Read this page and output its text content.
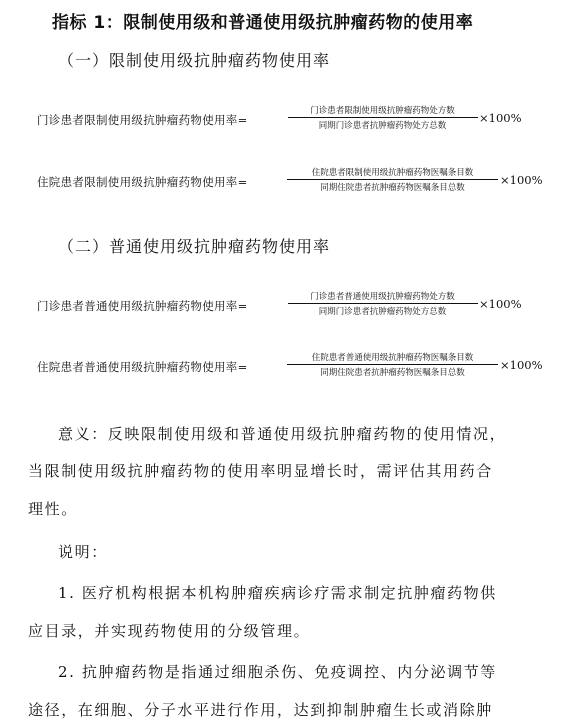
指标 1：限制使用级和普通使用级抗肿瘤药物的使用率
（一）限制使用级抗肿瘤药物使用率
门诊患者限制使用级抗肿瘤药物使用率=
门诊患者限制使用级抗肿瘤药物处方数
同期门诊患者抗肿瘤药物处方总数
×100%
住院患者限制使用级抗肿瘤药物使用率=
住院患者限制使用级抗肿瘤药物医嘱条目数
同期住院患者抗肿瘤药物医嘱条目总数
×100%
（二）普通使用级抗肿瘤药物使用率
门诊患者普通使用级抗肿瘤药物使用率=
门诊患者普通使用级抗肿瘤药物处方数
同期门诊患者抗肿瘤药物处方总数
×100%
住院患者普通使用级抗肿瘤药物使用率=
住院患者普通使用级抗肿瘤药物医嘱条目数
同期住院患者抗肿瘤药物医嘱条目总数
×100%
意义：反映限制使用级和普通使用级抗肿瘤药物的使用情况，
当限制使用级抗肿瘤药物的使用率明显增长时，需评估其用药合
理性。
说明：
1. 医疗机构根据本机构肿瘤疾病诊疗需求制定抗肿瘤药物供
应目录，并实现药物使用的分级管理。
2. 抗肿瘤药物是指通过细胞杀伤、免疫调控、内分泌调节等
途径，在细胞、分子水平进行作用，达到抑制肿瘤生长或消除肿
